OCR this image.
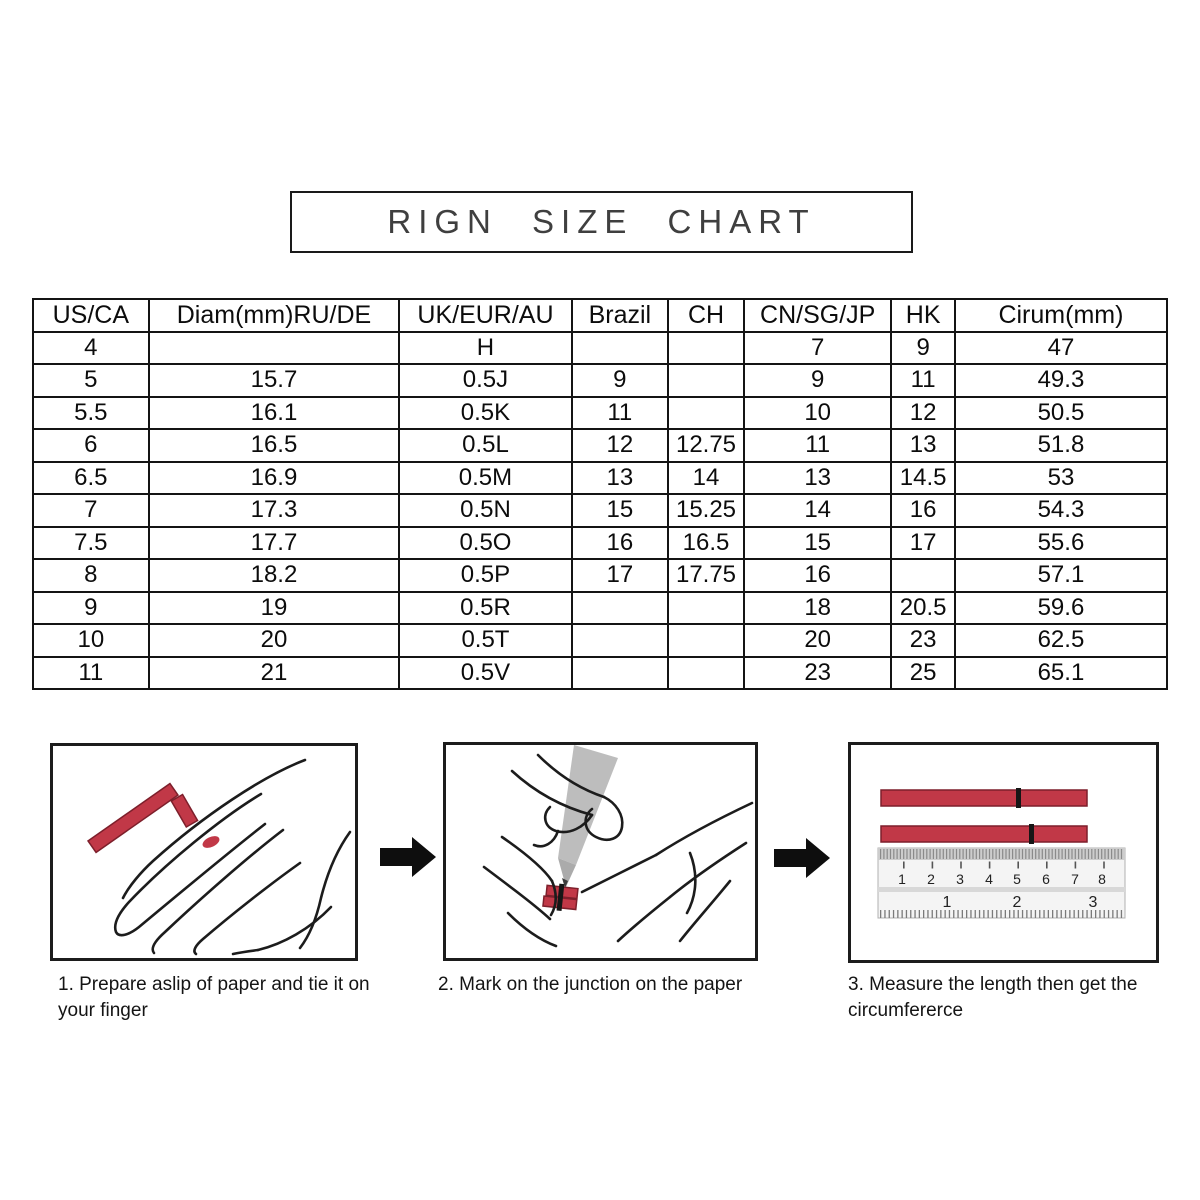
RIGN SIZE CHART
US/CA	Diam(mm)RU/DE	UK/EUR/AU	Brazil	CH	CN/SG/JP	HK	Cirum(mm)
4		H			7	9	47
5	15.7	0.5J	9		9	11	49.3
5.5	16.1	0.5K	11		10	12	50.5
6	16.5	0.5L	12	12.75	11	13	51.8
6.5	16.9	0.5M	13	14	13	14.5	53
7	17.3	0.5N	15	15.25	14	16	54.3
7.5	17.7	0.5O	16	16.5	15	17	55.6
8	18.2	0.5P	17	17.75	16		57.1
9	19	0.5R			18	20.5	59.6
10	20	0.5T			20	23	62.5
11	21	0.5V			23	25	65.1
1 2 3 4 5 6 7 8
1	2	3
1. Prepare aslip of paper and tie it on your finger
2. Mark on the junction on the paper	3. Measure the length then get the circumfererce
